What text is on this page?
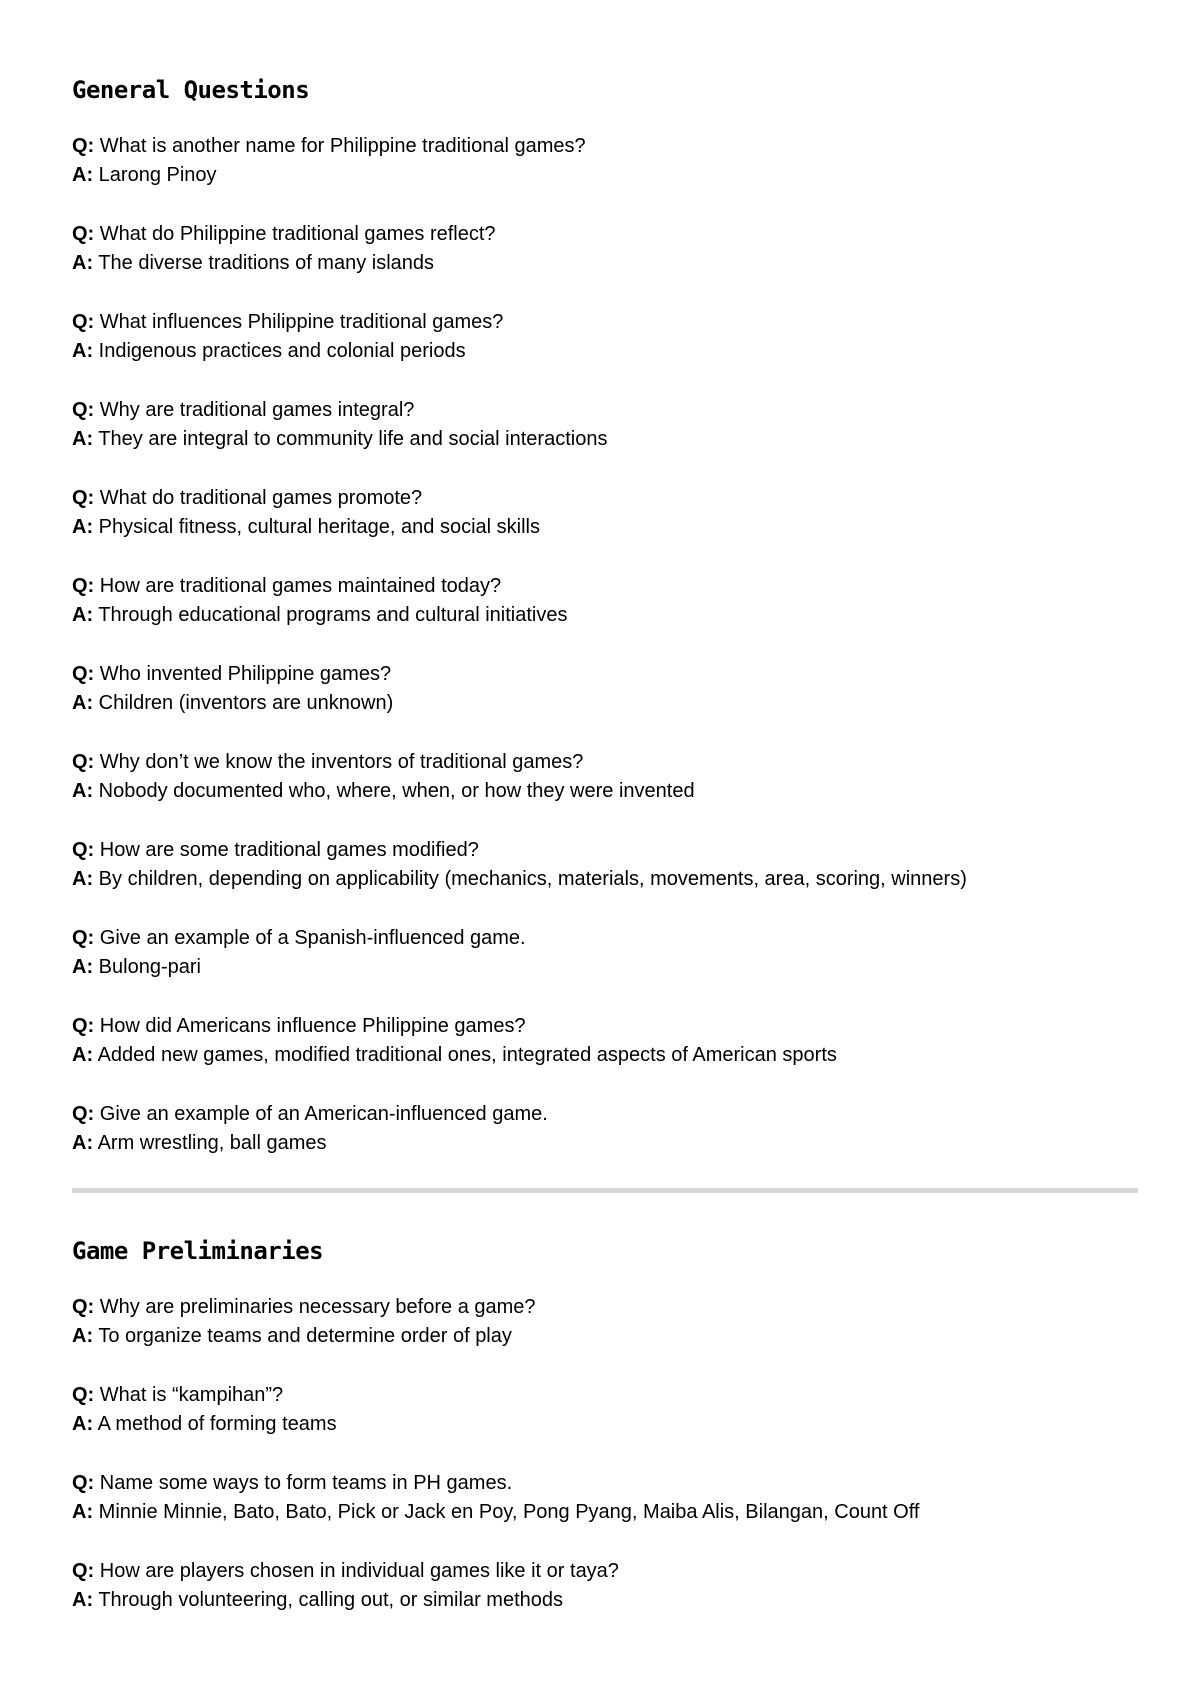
General Questions
Q: What is another name for Philippine traditional games?
A: Larong Pinoy
Q: What do Philippine traditional games reflect?
A: The diverse traditions of many islands
Q: What influences Philippine traditional games?
A: Indigenous practices and colonial periods
Q: Why are traditional games integral?
A: They are integral to community life and social interactions
Q: What do traditional games promote?
A: Physical fitness, cultural heritage, and social skills
Q: How are traditional games maintained today?
A: Through educational programs and cultural initiatives
Q: Who invented Philippine games?
A: Children (inventors are unknown)
Q: Why don’t we know the inventors of traditional games?
A: Nobody documented who, where, when, or how they were invented
Q: How are some traditional games modified?
A: By children, depending on applicability (mechanics, materials, movements, area, scoring, winners)
Q: Give an example of a Spanish-influenced game.
A: Bulong-pari
Q: How did Americans influence Philippine games?
A: Added new games, modified traditional ones, integrated aspects of American sports
Q: Give an example of an American-influenced game.
A: Arm wrestling, ball games
Game Preliminaries
Q: Why are preliminaries necessary before a game?
A: To organize teams and determine order of play
Q: What is “kampihan”?
A: A method of forming teams
Q: Name some ways to form teams in PH games.
A: Minnie Minnie, Bato, Bato, Pick or Jack en Poy, Pong Pyang, Maiba Alis, Bilangan, Count Off
Q: How are players chosen in individual games like it or taya?
A: Through volunteering, calling out, or similar methods
